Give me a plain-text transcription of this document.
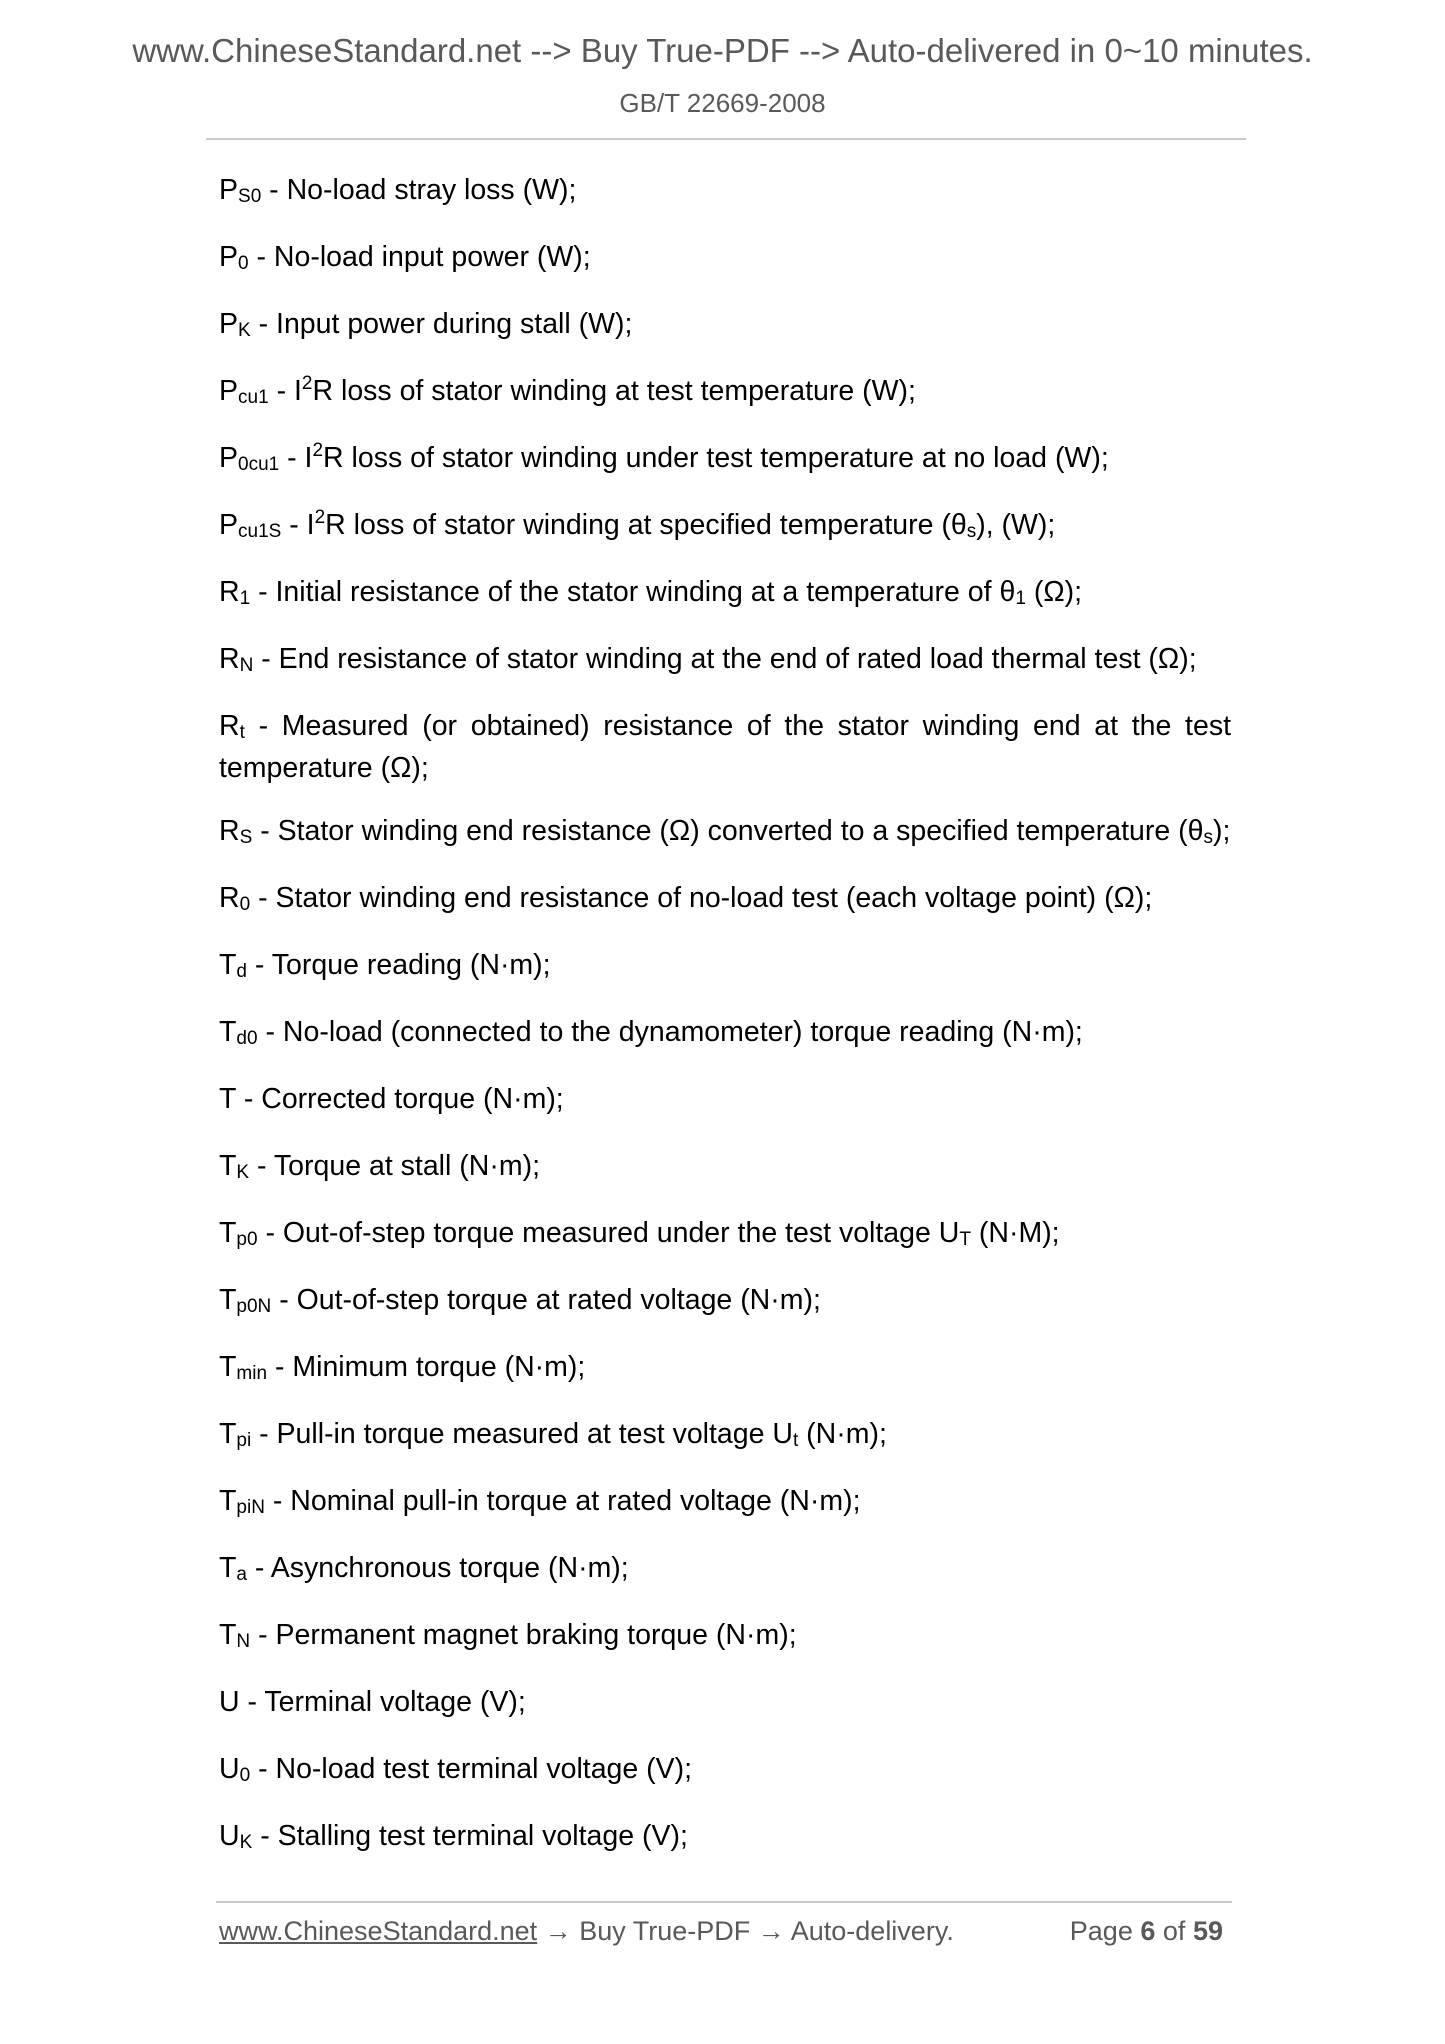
www.ChineseStandard.net --> Buy True-PDF --> Auto-delivered in 0~10 minutes.
GB/T 22669-2008
PS0 - No-load stray loss (W);
P0 - No-load input power (W);
PK - Input power during stall (W);
$Pcu1 - I^2R$ loss of stator winding at test temperature (W);
$P0cu1 - I^2R$ loss of stator winding under test temperature at no load (W);
$Pcu1S - I^2R$ loss of stator winding at specified temperature (θs), (W);
R1 - Initial resistance of the stator winding at a temperature of θ1 (Ω);
RN - End resistance of stator winding at the end of rated load thermal test (Ω);
Rt - Measured (or obtained) resistance of the stator winding end at the test temperature (Ω);
RS - Stator winding end resistance (Ω) converted to a specified temperature (θs);
R0 - Stator winding end resistance of no-load test (each voltage point) (Ω);
Td - Torque reading (N·m);
Td0 - No-load (connected to the dynamometer) torque reading (N·m);
T - Corrected torque (N·m);
TK - Torque at stall (N·m);
Tp0 - Out-of-step torque measured under the test voltage UT (N·M);
Tp0N - Out-of-step torque at rated voltage (N·m);
Tmin - Minimum torque (N·m);
Tpi - Pull-in torque measured at test voltage Ut (N·m);
TpiN - Nominal pull-in torque at rated voltage (N·m);
Ta - Asynchronous torque (N·m);
TN - Permanent magnet braking torque (N·m);
U - Terminal voltage (V);
U0 - No-load test terminal voltage (V);
UK - Stalling test terminal voltage (V);
www.ChineseStandard.net → Buy True-PDF → Auto-delivery.	Page 6 of 59
